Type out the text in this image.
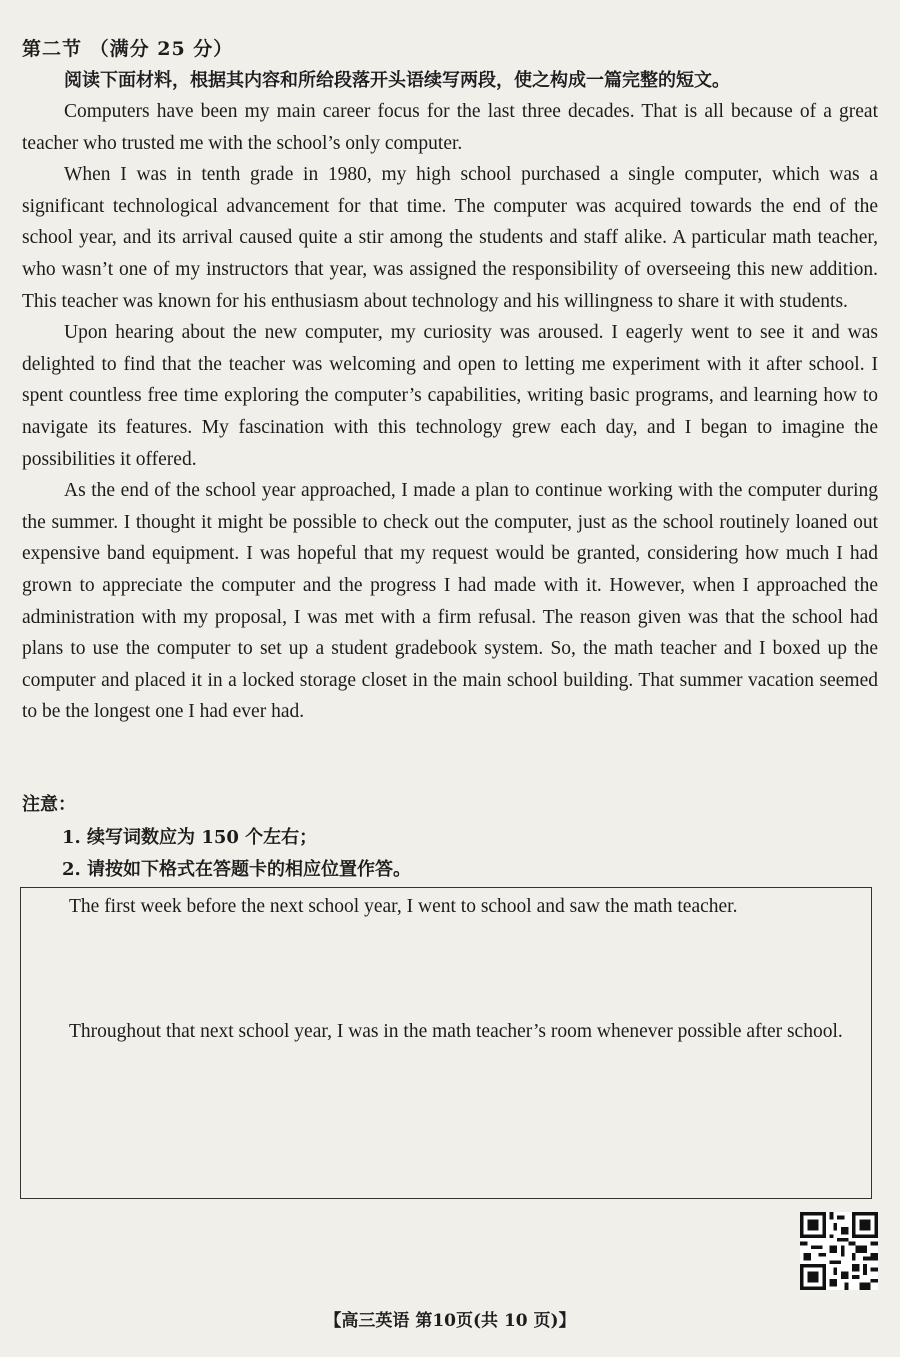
第二节 （满分 25 分）
阅读下面材料，根据其内容和所给段落开头语续写两段，使之构成一篇完整的短文。

Computers have been my main career focus for the last three decades. That is all because of a great teacher who trusted me with the school’s only computer.

When I was in tenth grade in 1980, my high school purchased a single computer, which was a significant technological advancement for that time. The computer was acquired towards the end of the school year, and its arrival caused quite a stir among the students and staff alike. A particular math teacher, who wasn’t one of my instructors that year, was assigned the responsibility of overseeing this new addition. This teacher was known for his enthusiasm about technology and his willingness to share it with students.

Upon hearing about the new computer, my curiosity was aroused. I eagerly went to see it and was delighted to find that the teacher was welcoming and open to letting me experiment with it after school. I spent countless free time exploring the computer’s capabilities, writing basic programs, and learning how to navigate its features. My fascination with this technology grew each day, and I began to imagine the possibilities it offered.

As the end of the school year approached, I made a plan to continue working with the computer during the summer. I thought it might be possible to check out the computer, just as the school routinely loaned out expensive band equipment. I was hopeful that my request would be granted, considering how much I had grown to appreciate the computer and the progress I had made with it. However, when I approached the administration with my proposal, I was met with a firm refusal. The reason given was that the school had plans to use the computer to set up a student gradebook system. So, the math teacher and I boxed up the computer and placed it in a locked storage closet in the main school building. That summer vacation seemed to be the longest one I had ever had.

注意：
1. 续写词数应为 150 个左右；
2. 请按如下格式在答题卡的相应位置作答。

The first week before the next school year, I went to school and saw the math teacher.

Throughout that next school year, I was in the math teacher’s room whenever possible after school.

【高三英语 第10页(共 10 页)】
